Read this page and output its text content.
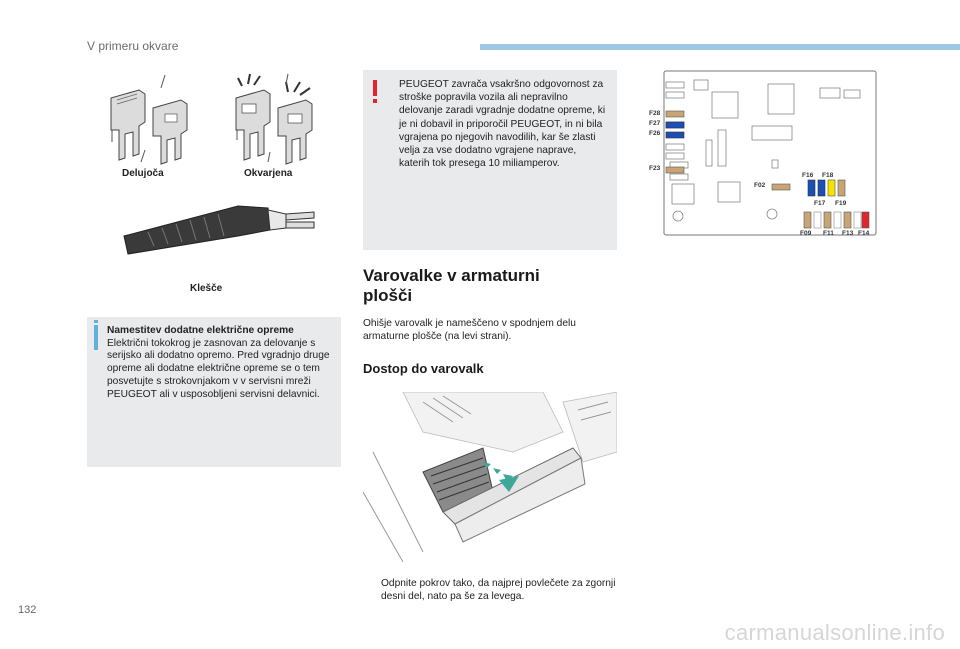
V primeru okvare
Delujoča	Okvarjena
Klešče
Namestitev dodatne električne opreme
Električni tokokrog je zasnovan za delovanje s serijsko ali dodatno opremo. Pred vgradnjo druge opreme ali dodatne električne opreme se o tem posvetujte s strokovnjakom v v servisni mreži PEUGEOT ali v usposobljeni servisni delavnici.
PEUGEOT zavrača vsakršno odgovornost za stroške popravila vozila ali nepravilno delovanje zaradi vgradnje dodatne opreme, ki je ni dobavil in priporočil PEUGEOT, in ni bila vgrajena po njegovih navodilih, kar še zlasti velja za vse dodatno vgrajene naprave, katerih tok presega 10 miliamperov.
F28
F27
F26
F23
F02
F16 F18
F17 F19
F09 F11 F13 F14
Varovalke v armaturni
plošči
Ohišje varovalk je nameščeno v spodnjem delu armaturne plošče (na levi strani).
Dostop do varovalk
Odpnite pokrov tako, da najprej povlečete za zgornji desni del, nato pa še za levega.
132
carmanualsonline.info
